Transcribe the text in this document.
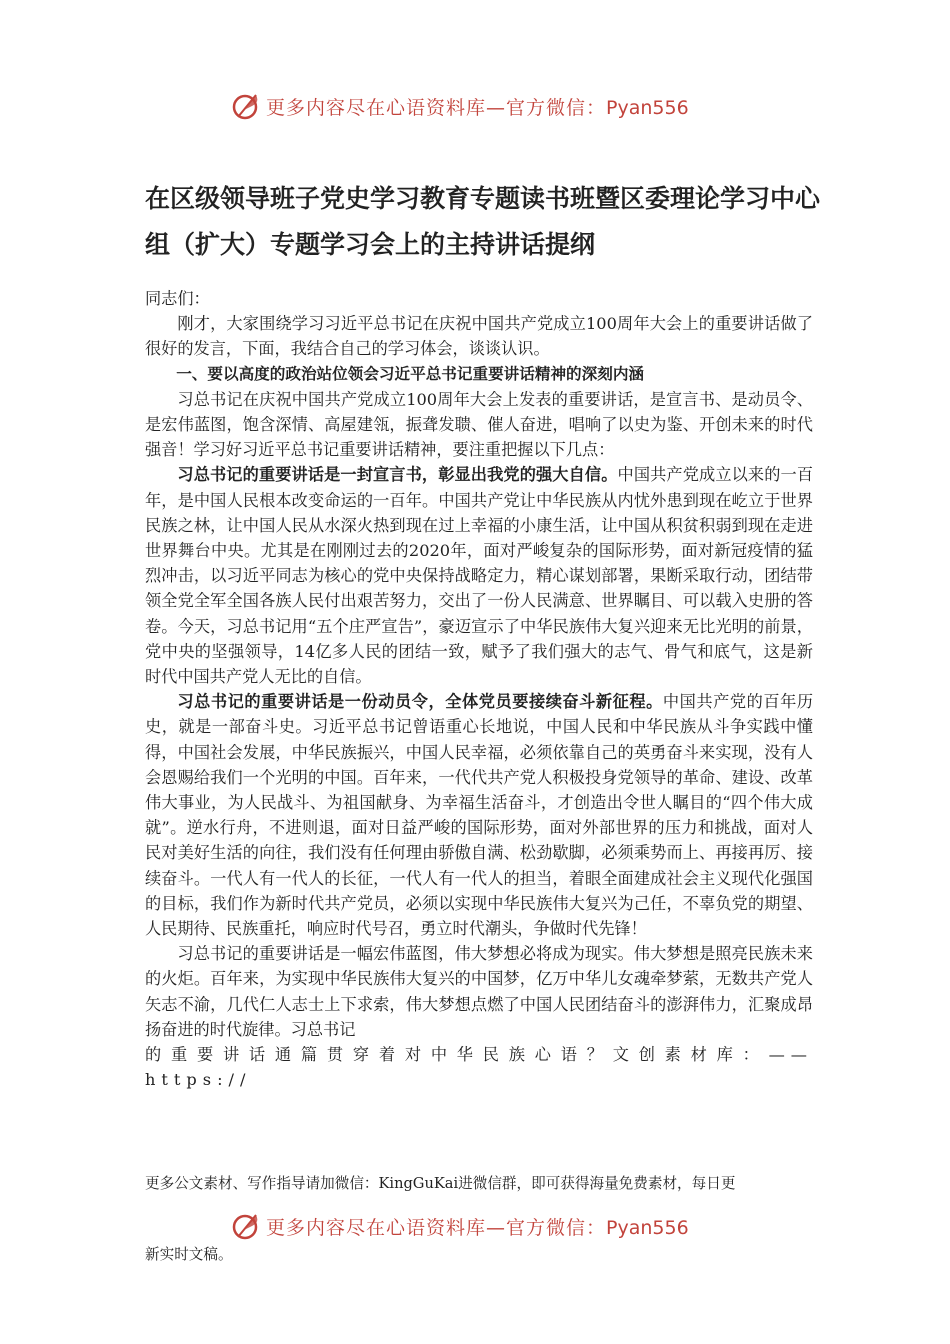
更多内容尽在心语资料库—官方微信：Pyan556
在区级领导班子党史学习教育专题读书班暨区委理论学习中心组（扩大）专题学习会上的主持讲话提纲

同志们：

刚才，大家围绕学习习近平总书记在庆祝中国共产党成立100周年大会上的重要讲话做了很好的发言，下面，我结合自己的学习体会，谈谈认识。

一、要以高度的政治站位领会习近平总书记重要讲话精神的深刻内涵

习总书记在庆祝中国共产党成立100周年大会上发表的重要讲话，是宣言书、是动员令、是宏伟蓝图，饱含深情、高屋建瓴，振聋发聩、催人奋进，唱响了以史为鉴、开创未来的时代强音！学习好习近平总书记重要讲话精神，要注重把握以下几点：

习总书记的重要讲话是一封宣言书，彰显出我党的强大自信。中国共产党成立以来的一百年，是中国人民根本改变命运的一百年。中国共产党让中华民族从内忧外患到现在屹立于世界民族之林，让中国人民从水深火热到现在过上幸福的小康生活，让中国从积贫积弱到现在走进世界舞台中央。尤其是在刚刚过去的2020年，面对严峻复杂的国际形势，面对新冠疫情的猛烈冲击，以习近平同志为核心的党中央保持战略定力，精心谋划部署，果断采取行动，团结带领全党全军全国各族人民付出艰苦努力，交出了一份人民满意、世界瞩目、可以载入史册的答卷。今天，习总书记用“五个庄严宣告”，豪迈宣示了中华民族伟大复兴迎来无比光明的前景，党中央的坚强领导，14亿多人民的团结一致，赋予了我们强大的志气、骨气和底气，这是新时代中国共产党人无比的自信。

习总书记的重要讲话是一份动员令，全体党员要接续奋斗新征程。中国共产党的百年历史，就是一部奋斗史。习近平总书记曾语重心长地说，中国人民和中华民族从斗争实践中懂得，中国社会发展，中华民族振兴，中国人民幸福，必须依靠自己的英勇奋斗来实现，没有人会恩赐给我们一个光明的中国。百年来，一代代共产党人积极投身党领导的革命、建设、改革伟大事业，为人民战斗、为祖国献身、为幸福生活奋斗，才创造出令世人瞩目的“四个伟大成就”。逆水行舟，不进则退，面对日益严峻的国际形势，面对外部世界的压力和挑战，面对人民对美好生活的向往，我们没有任何理由骄傲自满、松劲歇脚，必须乘势而上、再接再厉、接续奋斗。一代人有一代人的长征，一代人有一代人的担当，着眼全面建成社会主义现代化强国的目标，我们作为新时代共产党员，必须以实现中华民族伟大复兴为己任，不辜负党的期望、人民期待、民族重托，响应时代号召，勇立时代潮头，争做时代先锋！

习总书记的重要讲话是一幅宏伟蓝图，伟大梦想必将成为现实。伟大梦想是照亮民族未来的火炬。百年来，为实现中华民族伟大复兴的中国梦，亿万中华儿女魂牵梦萦，无数共产党人矢志不渝，几代仁人志士上下求索，伟大梦想点燃了中国人民团结奋斗的澎湃伟力，汇聚成昂扬奋进的时代旋律。习总书记

的重要讲话通篇贯穿着对中华民族心语？文创素材库：——https://

更多公文素材、写作指导请加微信：KingGuKai进微信群，即可获得海量免费素材，每日更

更多内容尽在心语资料库—官方微信：Pyan556

新实时文稿。
